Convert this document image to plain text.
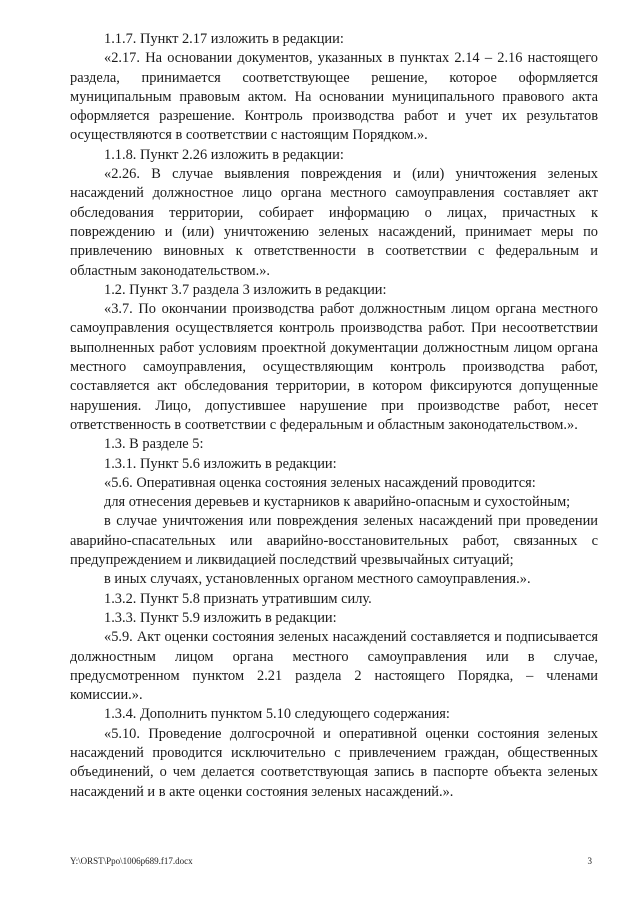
1.1.7. Пункт 2.17 изложить в редакции:

«2.17. На основании документов, указанных в пунктах 2.14 – 2.16 настоящего раздела, принимается соответствующее решение, которое оформляется муниципальным правовым актом. На основании муниципального правового акта оформляется разрешение. Контроль производства работ и учет их результатов осуществляются в соответствии с настоящим Порядком.».

1.1.8. Пункт 2.26 изложить в редакции:

«2.26. В случае выявления повреждения и (или) уничтожения зеленых насаждений должностное лицо органа местного самоуправления составляет акт обследования территории, собирает информацию о лицах, причастных к повреждению и (или) уничтожению зеленых насаждений, принимает меры по привлечению виновных к ответственности в соответствии с федеральным и областным законодательством.».

1.2. Пункт 3.7 раздела 3 изложить в редакции:

«3.7. По окончании производства работ должностным лицом органа местного самоуправления осуществляется контроль производства работ. При несоответствии выполненных работ условиям проектной документации должностным лицом органа местного самоуправления, осуществляющим контроль производства работ, составляется акт обследования территории, в котором фиксируются допущенные нарушения. Лицо, допустившее нарушение при производстве работ, несет ответственность в соответствии с федеральным и областным законодательством.».

1.3. В разделе 5:

1.3.1. Пункт 5.6 изложить в редакции:

«5.6. Оперативная оценка состояния зеленых насаждений проводится:

для отнесения деревьев и кустарников к аварийно-опасным и сухостойным;

в случае уничтожения или повреждения зеленых насаждений при проведении аварийно-спасательных или аварийно-восстановительных работ, связанных с предупреждением и ликвидацией последствий чрезвычайных ситуаций;

в иных случаях, установленных органом местного самоуправления.».

1.3.2. Пункт 5.8 признать утратившим силу.

1.3.3. Пункт 5.9 изложить в редакции:

«5.9. Акт оценки состояния зеленых насаждений составляется и подписывается должностным лицом органа местного самоуправления или в случае, предусмотренном пунктом 2.21 раздела 2 настоящего Порядка, – членами комиссии.».

1.3.4. Дополнить пунктом 5.10 следующего содержания:

«5.10. Проведение долгосрочной и оперативной оценки состояния зеленых насаждений проводится исключительно с привлечением граждан, общественных объединений, о чем делается соответствующая запись в паспорте объекта зеленых насаждений и в акте оценки состояния зеленых насаждений.».

Y:\ORST\Ppo\1006p689.f17.docx	3
